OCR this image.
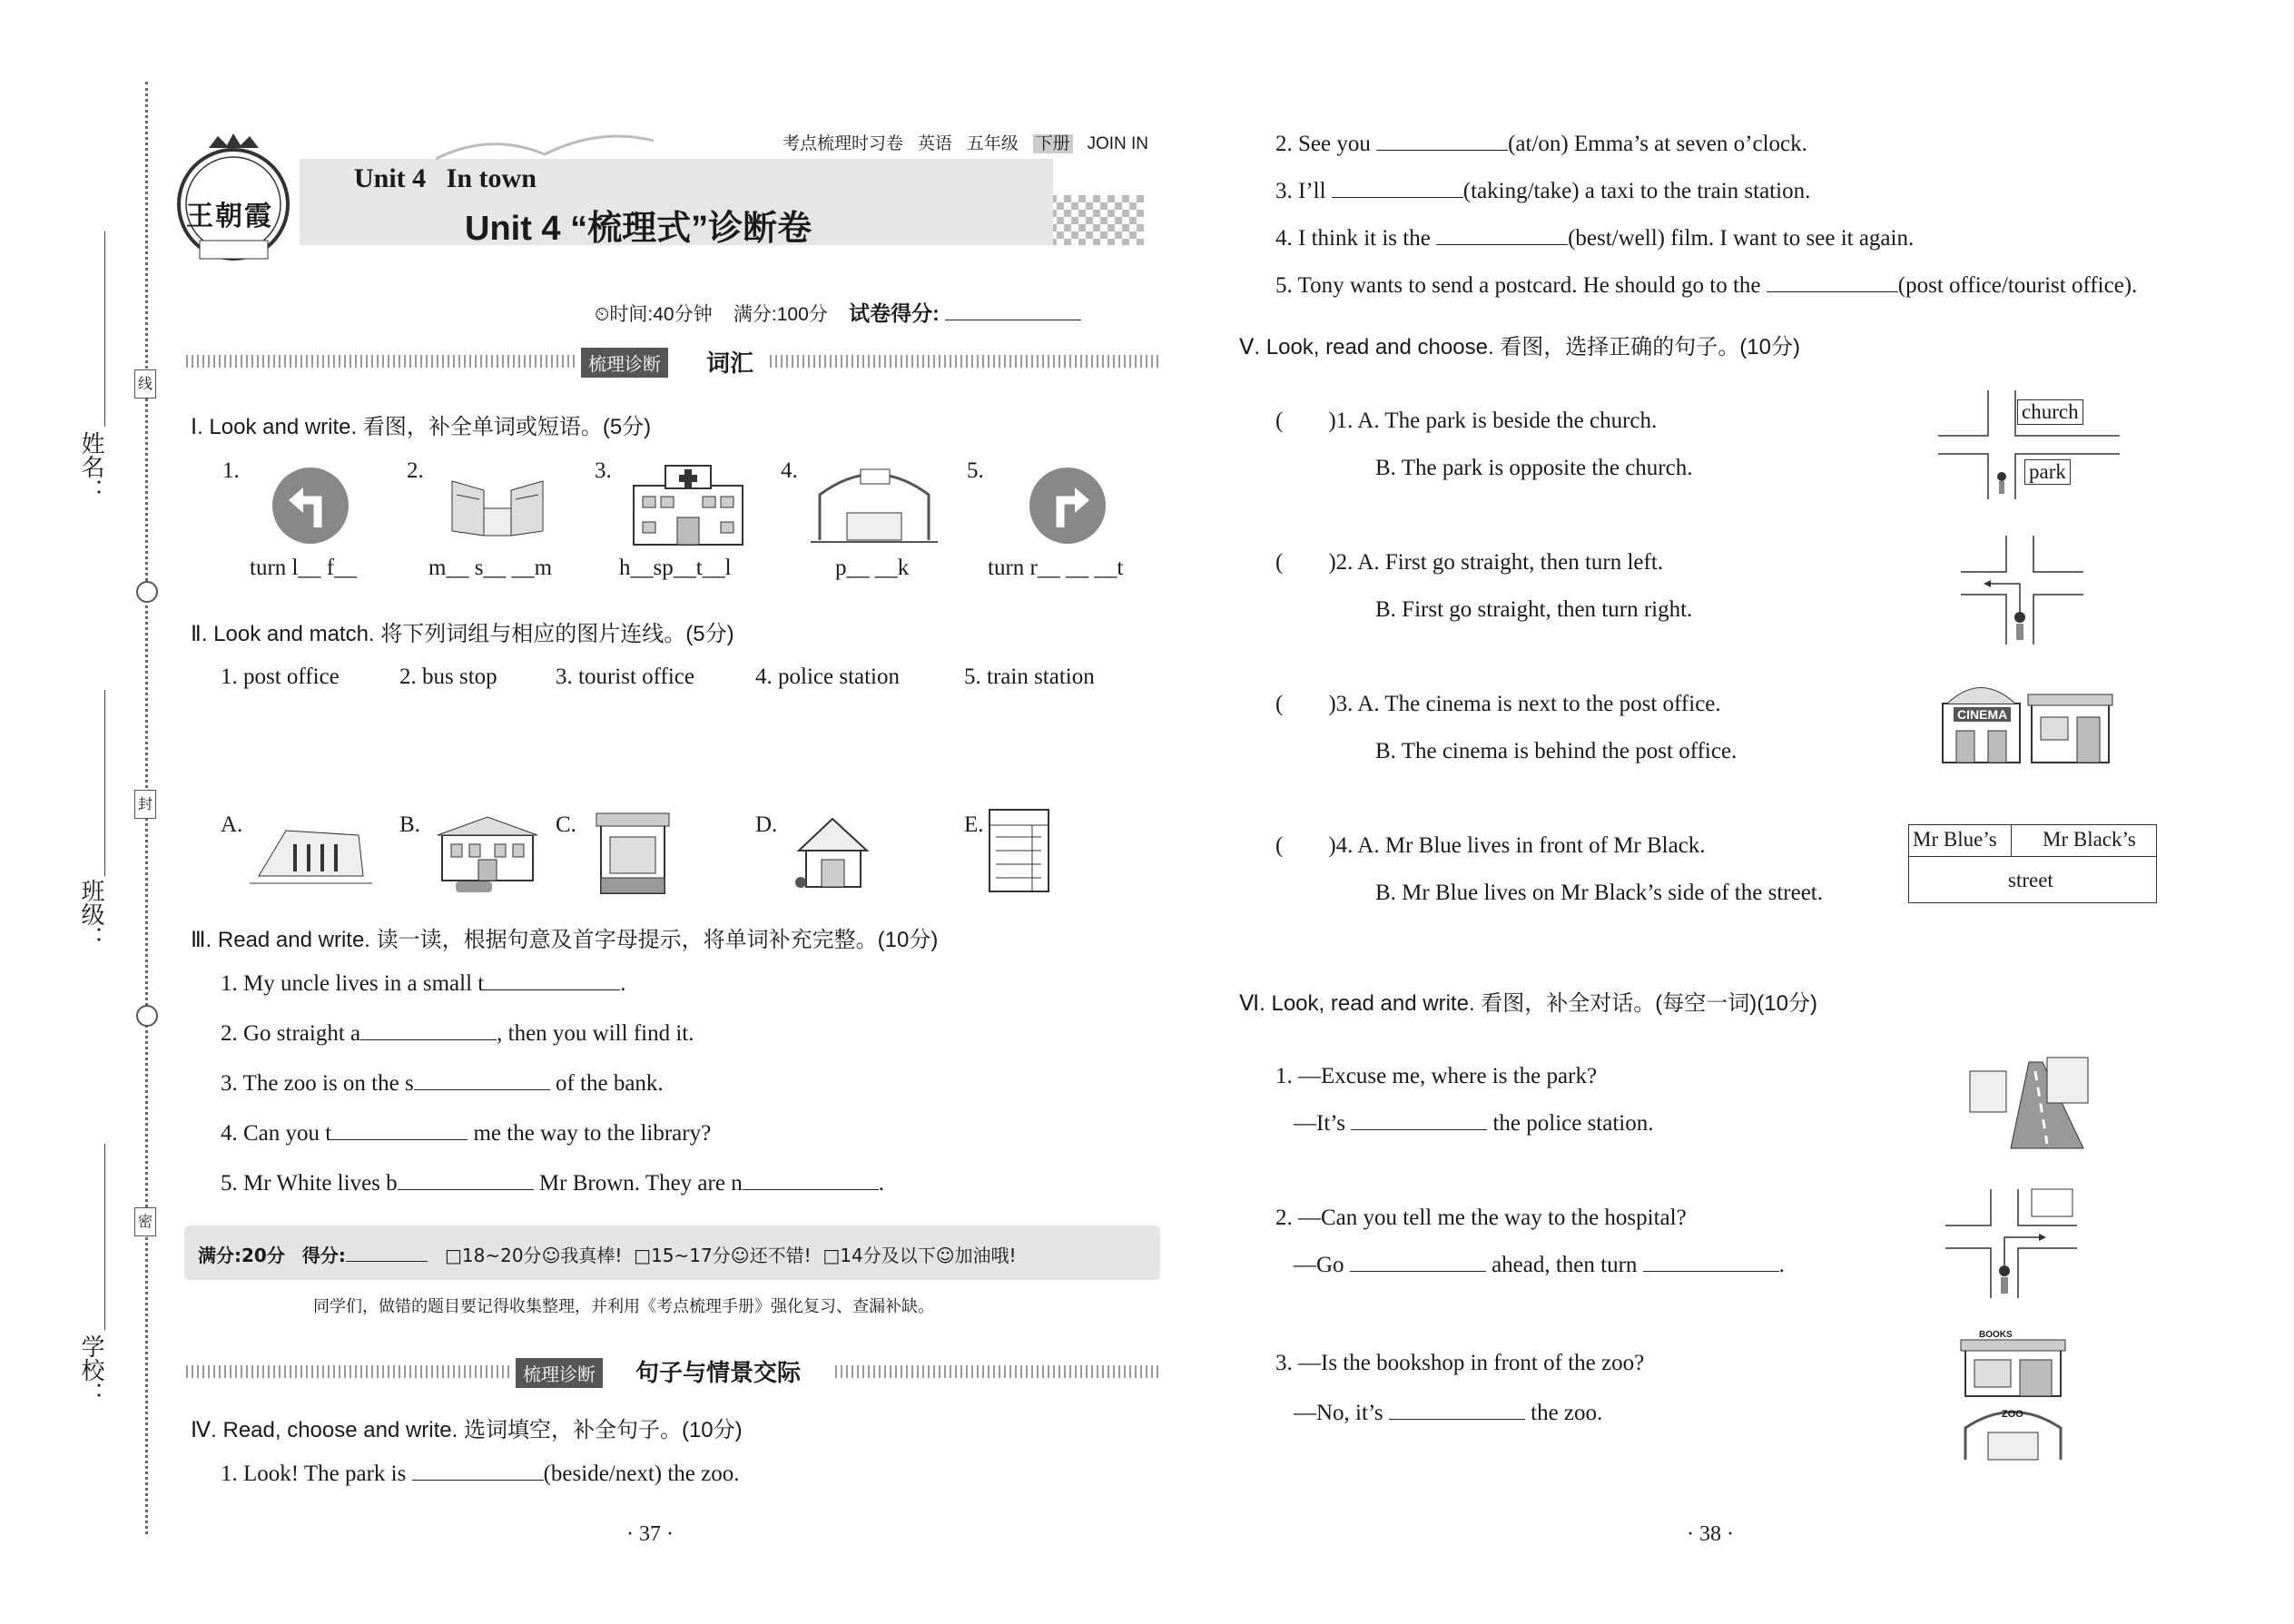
姓名：
班级：
学校：
线
封
密
考点梳理时习卷 英语 五年级 下册 JOIN IN
王朝霞
Unit 4   In town
Unit 4 “梳理式”诊断卷
⏲时间:40分钟 满分:100分 试卷得分:
梳理诊断	词汇
Ⅰ. Look and write. 看图，补全单词或短语。(5分)
1.	2.	3.	4.	5.
turn l__ f__	m__ s__ __m	h__sp__t__l	p__ __k	turn r__ __ __t
Ⅱ. Look and match. 将下列词组与相应的图片连线。(5分)
1. post office	2. bus stop	3. tourist office	4. police station	5. train station
A.	B.	C.	D.	E.
Ⅲ. Read and write. 读一读，根据句意及首字母提示，将单词补充完整。(10分)
1. My uncle lives in a small t	.
2. Go straight a	, then you will find it.
3. The zoo is on the s	of the bank.
4. Can you t	me the way to the library?
5. Mr White lives b	Mr Brown. They are n	.
满分:20分 得分:	□18~20分☺我真棒! □15~17分☺还不错! □14分及以下☺加油哦!
同学们，做错的题目要记得收集整理，并利用《考点梳理手册》强化复习、查漏补缺。
梳理诊断	句子与情景交际
Ⅳ. Read, choose and write. 选词填空，补全句子。(10分)
1. Look! The park is	(beside/next) the zoo.
· 37 ·
2. See you	(at/on) Emma’s at seven o’clock.
3. I’ll	(taking/take) a taxi to the train station.
4. I think it is the	(best/well) film. I want to see it again.
5. Tony wants to send a postcard. He should go to the	(post office/tourist office).
Ⅴ. Look, read and choose. 看图，选择正确的句子。(10分)
( )1. A. The park is beside the church.
B. The park is opposite the church.
( )2. A. First go straight, then turn left.
B. First go straight, then turn right.
( )3. A. The cinema is next to the post office.
B. The cinema is behind the post office.
( )4. A. Mr Blue lives in front of Mr Black.
B. Mr Blue lives on Mr Black’s side of the street.
church
park
CINEMA
Mr Blue’s Mr Black’s
street
Ⅵ. Look, read and write. 看图，补全对话。(每空一词)(10分)
1. —Excuse me, where is the park?
—It’s	the police station.
2. —Can you tell me the way to the hospital?
—Go	ahead, then turn	.
3. —Is the bookshop in front of the zoo?
—No, it’s	the zoo.
BOOKS
ZOO
· 38 ·
